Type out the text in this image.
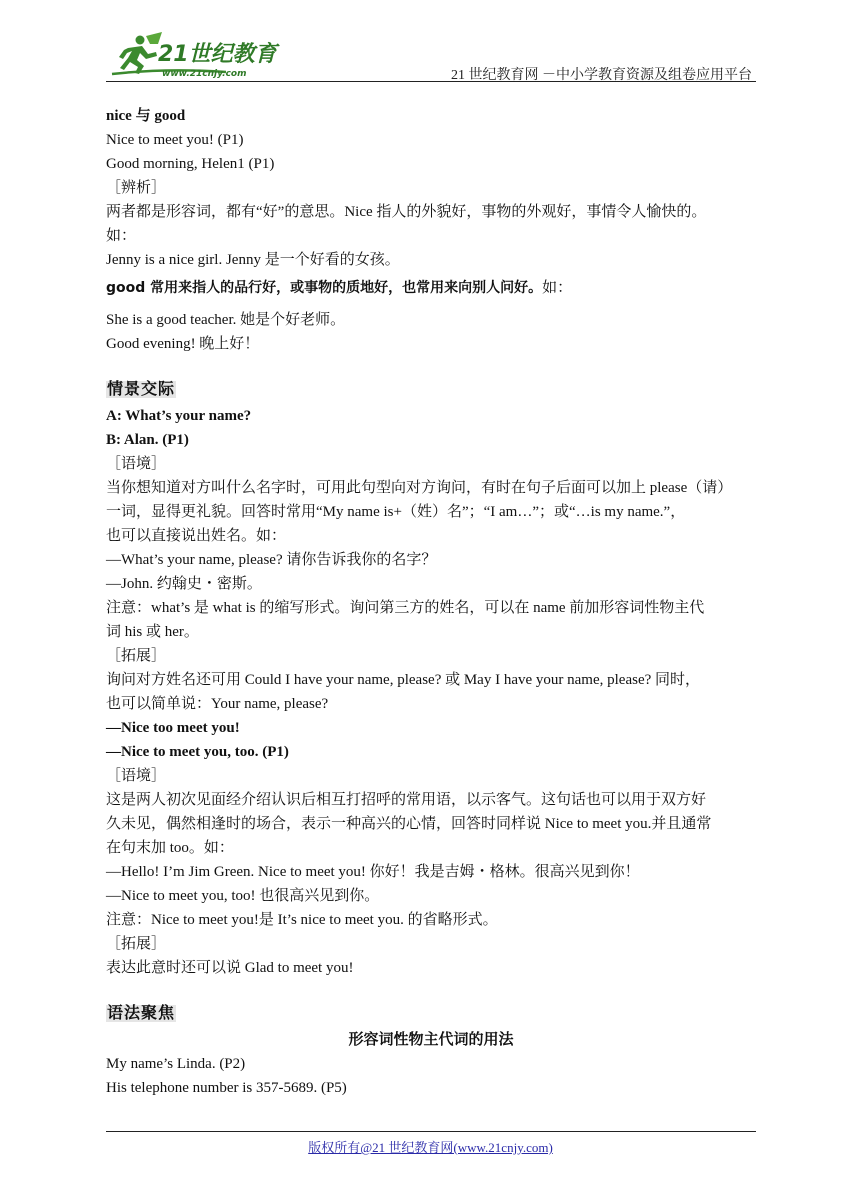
21世纪教育
www.21cnjy.com	21 世纪教育网 －中小学教育资源及组卷应用平台
nice 与 good
Nice to meet you! (P1)
Good morning, Helen1 (P1)
［辨析］
两者都是形容词，都有“好”的意思。Nice 指人的外貌好，事物的外观好，事情令人愉快的。
如：
Jenny is a nice girl. Jenny 是一个好看的女孩。
good 常用来指人的品行好，或事物的质地好，也常用来向别人问好。如：
She is a good teacher. 她是个好老师。
Good evening! 晚上好！
情景交际
A: What’s your name?
B: Alan. (P1)
［语境］
当你想知道对方叫什么名字时，可用此句型向对方询问，有时在句子后面可以加上 please（请）
一词，显得更礼貌。回答时常用“My name is+（姓）名”；“I am…”；或“…is my name.”，
也可以直接说出姓名。如：
—What’s your name, please? 请你告诉我你的名字？
—John. 约翰史・密斯。
注意：what’s 是 what is 的缩写形式。询问第三方的姓名，可以在 name 前加形容词性物主代
词 his 或 her。
［拓展］
询问对方姓名还可用 Could I have your name, please? 或 May I have your name, please? 同时，
也可以简单说：Your name, please?
—Nice too meet you!
—Nice to meet you, too. (P1)
［语境］
这是两人初次见面经介绍认识后相互打招呼的常用语，以示客气。这句话也可以用于双方好
久未见，偶然相逢时的场合，表示一种高兴的心情，回答时同样说 Nice to meet you.并且通常
在句末加 too。如：
—Hello! I’m Jim Green. Nice to meet you! 你好！我是吉姆・格林。很高兴见到你！
—Nice to meet you, too! 也很高兴见到你。
注意：Nice to meet you!是 It’s nice to meet you. 的省略形式。
［拓展］
表达此意时还可以说 Glad to meet you!
语法聚焦
形容词性物主代词的用法
My name’s Linda. (P2)
His telephone number is 357-5689. (P5)
版权所有@21 世纪教育网(www.21cnjy.com)
